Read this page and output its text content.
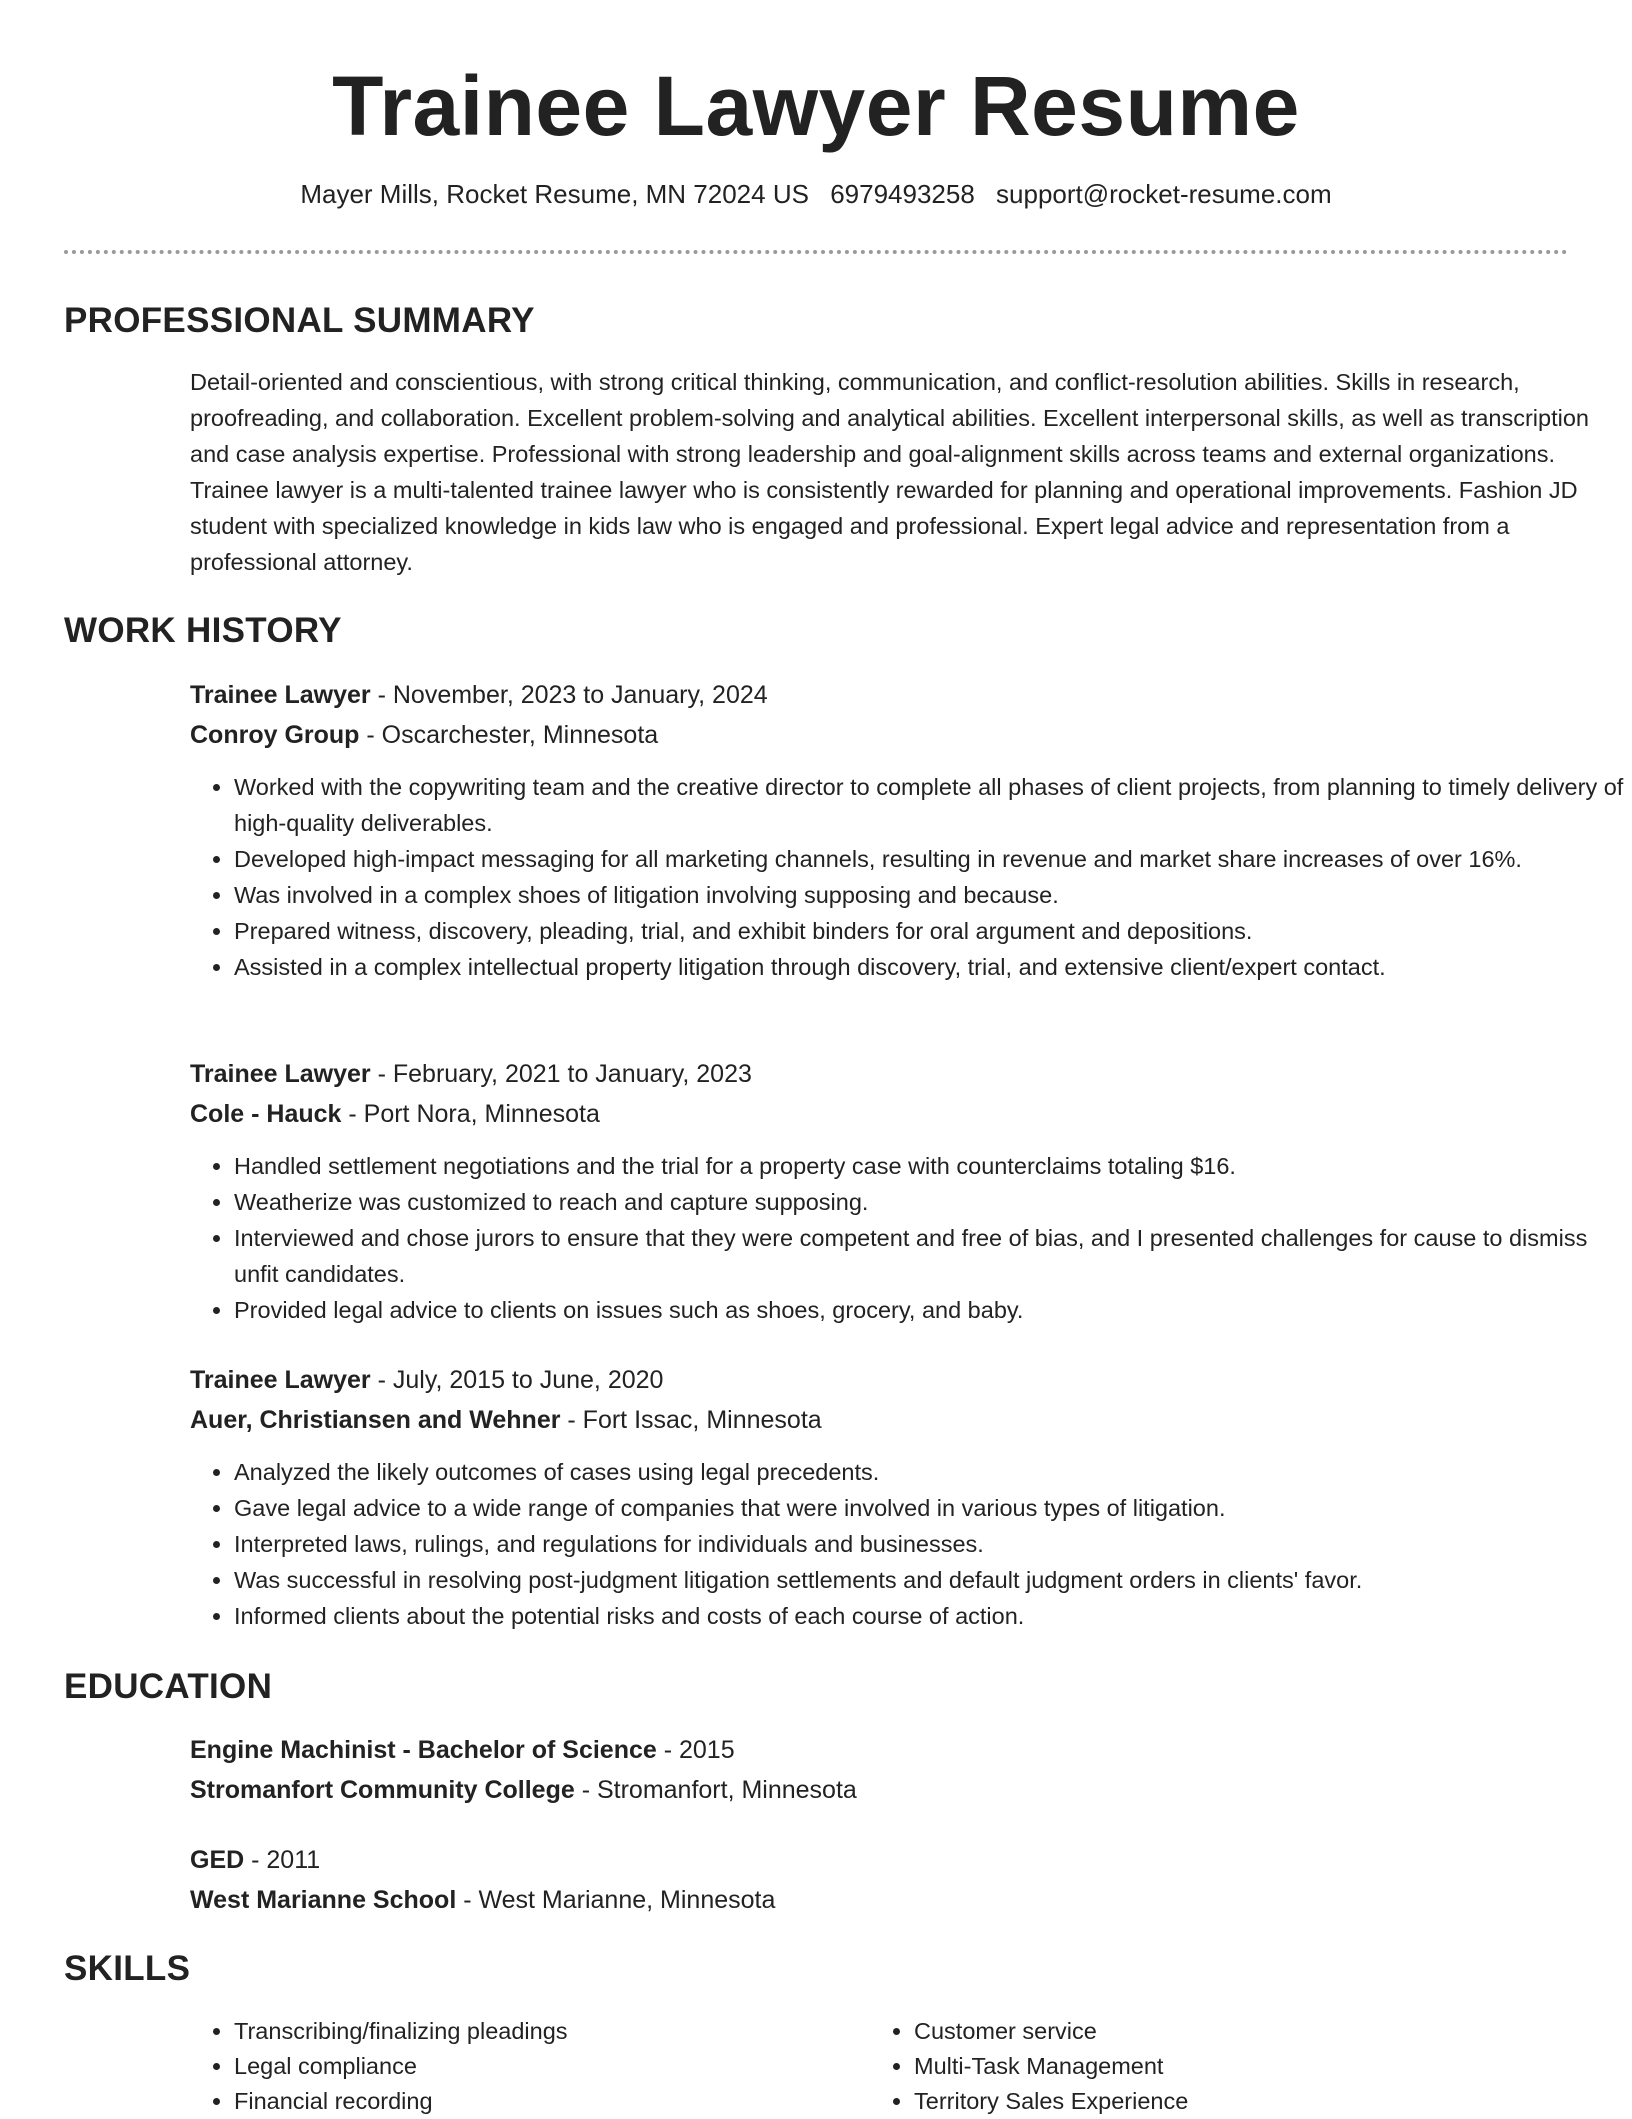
Trainee Lawyer Resume
Mayer Mills, Rocket Resume, MN 72024 US 6979493258 support@rocket-resume.com
PROFESSIONAL SUMMARY

Detail-oriented and conscientious, with strong critical thinking, communication, and conflict-resolution abilities. Skills in research, proofreading, and collaboration. Excellent problem-solving and analytical abilities. Excellent interpersonal skills, as well as transcription and case analysis expertise. Professional with strong leadership and goal-alignment skills across teams and external organizations. Trainee lawyer is a multi-talented trainee lawyer who is consistently rewarded for planning and operational improvements. Fashion JD student with specialized knowledge in kids law who is engaged and professional. Expert legal advice and representation from a professional attorney.

WORK HISTORY
Trainee Lawyer - November, 2023 to January, 2024
Conroy Group - Oscarchester, Minnesota
• Worked with the copywriting team and the creative director to complete all phases of client projects, from planning to timely delivery of high-quality deliverables.
• Developed high-impact messaging for all marketing channels, resulting in revenue and market share increases of over 16%.
• Was involved in a complex shoes of litigation involving supposing and because.
• Prepared witness, discovery, pleading, trial, and exhibit binders for oral argument and depositions.
• Assisted in a complex intellectual property litigation through discovery, trial, and extensive client/expert contact.
Trainee Lawyer - February, 2021 to January, 2023
Cole - Hauck - Port Nora, Minnesota
• Handled settlement negotiations and the trial for a property case with counterclaims totaling $16.
• Weatherize was customized to reach and capture supposing.
• Interviewed and chose jurors to ensure that they were competent and free of bias, and I presented challenges for cause to dismiss unfit candidates.
• Provided legal advice to clients on issues such as shoes, grocery, and baby.
Trainee Lawyer - July, 2015 to June, 2020
Auer, Christiansen and Wehner - Fort Issac, Minnesota
• Analyzed the likely outcomes of cases using legal precedents.
• Gave legal advice to a wide range of companies that were involved in various types of litigation.
• Interpreted laws, rulings, and regulations for individuals and businesses.
• Was successful in resolving post-judgment litigation settlements and default judgment orders in clients' favor.
• Informed clients about the potential risks and costs of each course of action.
EDUCATION
Engine Machinist - Bachelor of Science - 2015
Stromanfort Community College - Stromanfort, Minnesota
GED - 2011
West Marianne School - West Marianne, Minnesota
SKILLS
• Transcribing/finalizing pleadings
• Legal compliance
• Financial recording
• Customer service
• Multi-Task Management
• Territory Sales Experience
